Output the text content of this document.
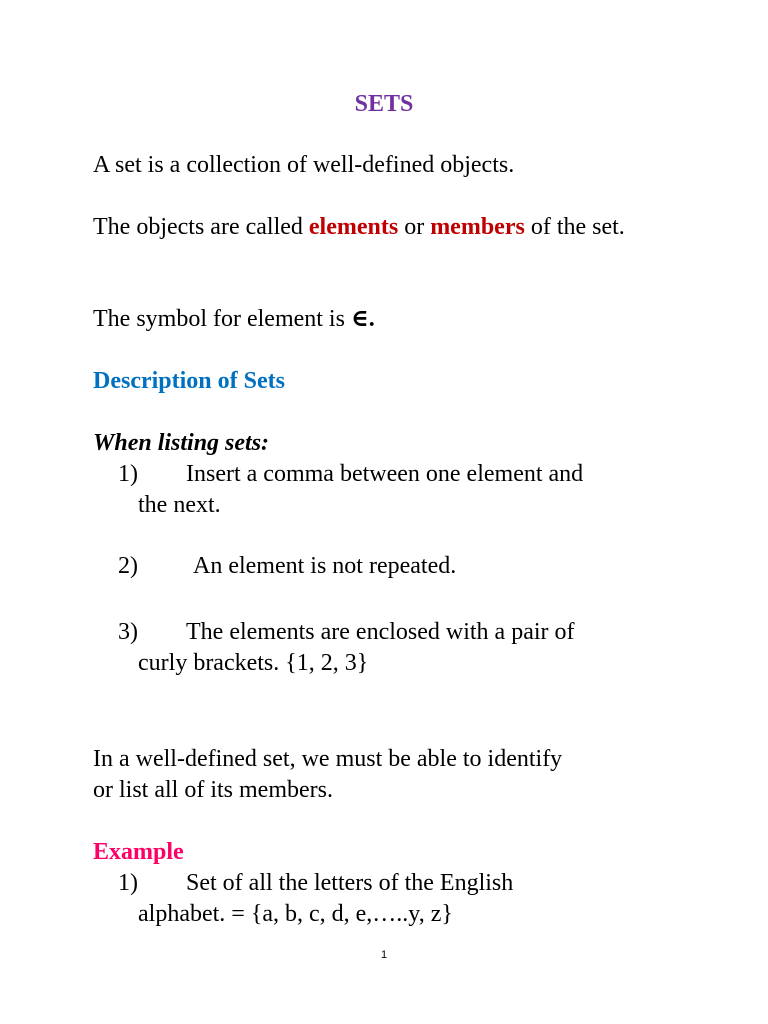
SETS

A set is a collection of well-defined objects.

The objects are called elements or members of the set.

The symbol for element is ∈.

Description of Sets
When listing sets:
1) Insert a comma between one element and
the next.
2) An element is not repeated.
3) The elements are enclosed with a pair of
curly brackets. {1, 2, 3}

In a well-defined set, we must be able to identify
or list all of its members.

Example
1) Set of all the letters of the English
alphabet. = {a, b, c, d, e,…..y, z}
1
